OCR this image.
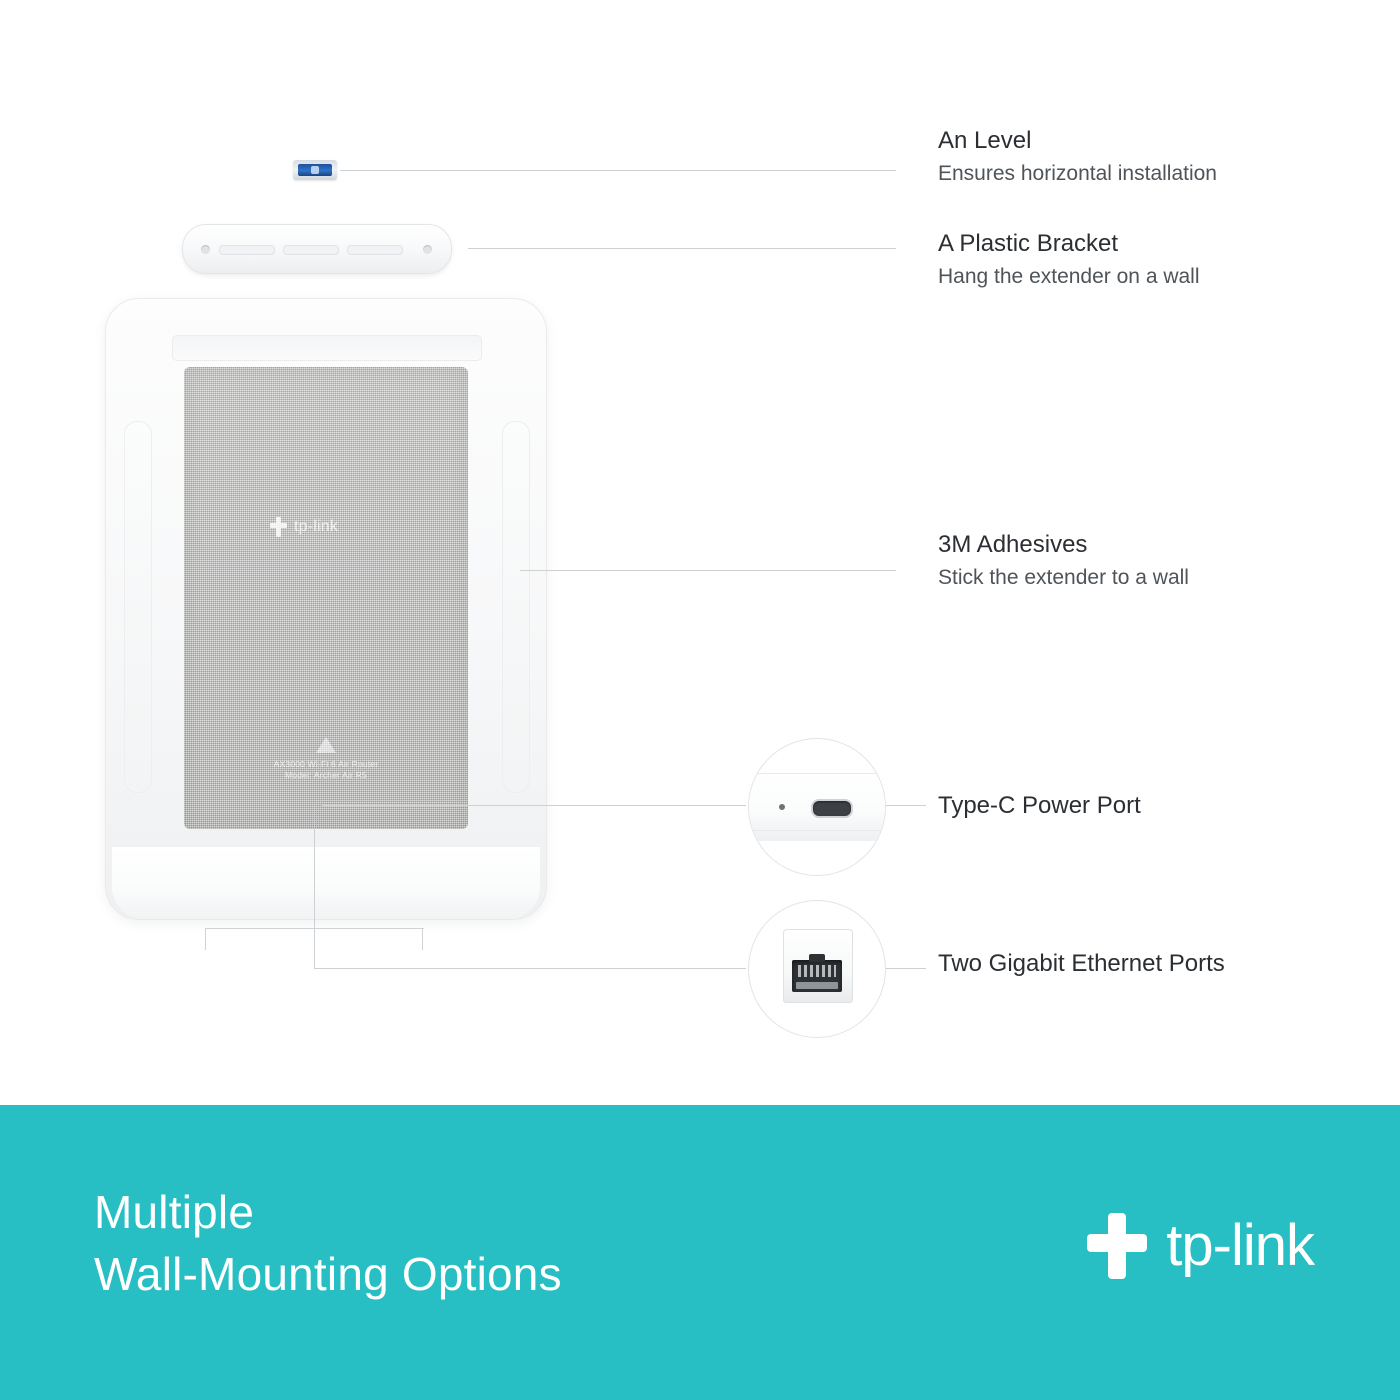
tp-link
AX3000 Wi-Fi 6 Air Router
Model: Archer Air R5
An Level
Ensures horizontal installation
A Plastic Bracket
Hang the extender on a wall
3M Adhesives
Stick the extender to a wall
Type-C Power Port
Two Gigabit Ethernet Ports
Multiple
Wall-Mounting Options	tp-link
